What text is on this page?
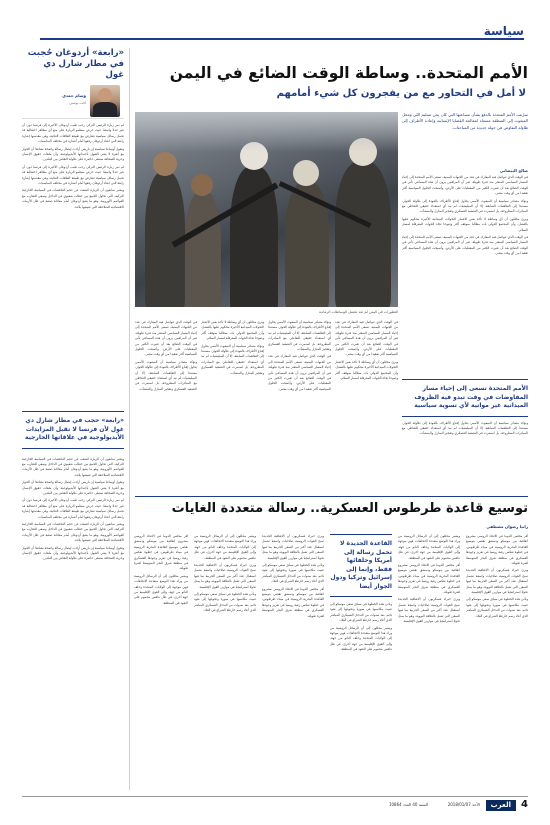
سياسة
«رابعة» أردوغان حُجبت في مطار شارل دي غول
وسام حمدي
كاتب تونسي

لم تمر زيارة الرئيس التركي رجب طيب أردوغان الأخيرة إلى فرنسا دون أن تثير جدلا واسعا، حيث حرص منظمو الزيارة على منع أي مظاهر احتفالية قد تحمل رسائل سياسية تتعارض مع طبيعة العلاقات الثنائية، وفي مقدمتها إشارة رابعة التي اعتاد أردوغان رفعها أمام أنصاره في مختلف المناسبات.

وتقول أوساط سياسية إن باريس أرادت إيصال رسالة واضحة مفادها أن الحوار مع أنقرة لا يعني القبول بأجنداتها الأيديولوجية، وأن ملفات حقوق الإنسان وحرية الصحافة ستبقى حاضرة على طاولة النقاش بين البلدين.

لم تمر زيارة الرئيس التركي رجب طيب أردوغان الأخيرة إلى فرنسا دون أن تثير جدلا واسعا، حيث حرص منظمو الزيارة على منع أي مظاهر احتفالية قد تحمل رسائل سياسية تتعارض مع طبيعة العلاقات الثنائية، وفي مقدمتها إشارة رابعة التي اعتاد أردوغان رفعها أمام أنصاره في مختلف المناسبات.

ويعتبر متابعون أن الزيارة كشفت عن حجم التناقضات في السياسة الخارجية التركية، التي تحاول الجمع بين خطاب شعبوي في الداخل وسعي للتقارب مع العواصم الأوروبية، وهو ما يضع أردوغان أمام معادلة صعبة في ظل الأزمات الاقتصادية المتلاحقة التي تعيشها بلاده.

«رابعة» حجب في مطار شارل دي غول لأن فرنسا لا تقبل المزايدات الأيديولوجية في علاقاتها الخارجية

ويعتبر متابعون أن الزيارة كشفت عن حجم التناقضات في السياسة الخارجية التركية، التي تحاول الجمع بين خطاب شعبوي في الداخل وسعي للتقارب مع العواصم الأوروبية، وهو ما يضع أردوغان أمام معادلة صعبة في ظل الأزمات الاقتصادية المتلاحقة التي تعيشها بلاده.

وتقول أوساط سياسية إن باريس أرادت إيصال رسالة واضحة مفادها أن الحوار مع أنقرة لا يعني القبول بأجنداتها الأيديولوجية، وأن ملفات حقوق الإنسان وحرية الصحافة ستبقى حاضرة على طاولة النقاش بين البلدين.

لم تمر زيارة الرئيس التركي رجب طيب أردوغان الأخيرة إلى فرنسا دون أن تثير جدلا واسعا، حيث حرص منظمو الزيارة على منع أي مظاهر احتفالية قد تحمل رسائل سياسية تتعارض مع طبيعة العلاقات الثنائية، وفي مقدمتها إشارة رابعة التي اعتاد أردوغان رفعها أمام أنصاره في مختلف المناسبات.

ويعتبر متابعون أن الزيارة كشفت عن حجم التناقضات في السياسة الخارجية التركية، التي تحاول الجمع بين خطاب شعبوي في الداخل وسعي للتقارب مع العواصم الأوروبية، وهو ما يضع أردوغان أمام معادلة صعبة في ظل الأزمات الاقتصادية المتلاحقة التي تعيشها بلاده.

وتقول أوساط سياسية إن باريس أرادت إيصال رسالة واضحة مفادها أن الحوار مع أنقرة لا يعني القبول بأجنداتها الأيديولوجية، وأن ملفات حقوق الإنسان وحرية الصحافة ستبقى حاضرة على طاولة النقاش بين البلدين.

الأمم المتحدة.. وساطة الوقت الضائع في اليمن
لا أمل في التحاور مع من يفجرون كل شيء أمامهم

سرّعت الأمم المتحدة بالدفع بشأن مساعيها التي كان يحن تسليم اللي ومحل المبعوث إلى المنطقة مسعاه لمعالجة القضايا الإنسانية وإعادة الأطراف إلى طاولة التفاوض في جولة جديدة من المباحثات.

صالح البيضاني

في الوقت الذي تتواصل فيه المعارك في عدد من الجبهات اليمنية، تسعى الأمم المتحدة إلى إحياء المسار السياسي المتعثر منذ فترة طويلة، غير أن المراقبين يرون أن هذه المساعي تأتي في الوقت الضائع بعد أن تغيرت الكثير من المعطيات على الأرض، وأصبحت الحلول السياسية أكثر تعقيدا من أي وقت مضى.

وتؤكد مصادر سياسية أن المبعوث الأممي يحاول إقناع الأطراف بالعودة إلى طاولة الحوار، مستندا إلى التفاهمات السابقة، إلا أن الميليشيات لم تبد أي استعداد حقيقي للتعاطي مع المبادرات المطروحة، بل استمرت في التصعيد العسكري وتفجير المنازل والمنشآت.

ويرى محللون أن أي وساطة لا تأخذ بعين الاعتبار التحولات الميدانية الأخيرة محكوم عليها بالفشل، وأن المجتمع الدولي بات مطالبا بموقف أكثر وضوحا تجاه الجهات المعرقلة لمسار السلام.

في الوقت الذي تتواصل فيه المعارك في عدد من الجبهات اليمنية، تسعى الأمم المتحدة إلى إحياء المسار السياسي المتعثر منذ فترة طويلة، غير أن المراقبين يرون أن هذه المساعي تأتي في الوقت الضائع بعد أن تغيرت الكثير من المعطيات على الأرض، وأصبحت الحلول السياسية أكثر تعقيدا من أي وقت مضى.

الأمم المتحدة تسعى إلى إحياء مسار المفاوضات في وقت تبدو فيه الظروف الميدانية غير مواتية لأي تسوية سياسية

وتؤكد مصادر سياسية أن المبعوث الأممي يحاول إقناع الأطراف بالعودة إلى طاولة الحوار، مستندا إلى التفاهمات السابقة، إلا أن الميليشيات لم تبد أي استعداد حقيقي للتعاطي مع المبادرات المطروحة، بل استمرت في التصعيد العسكري وتفجير المنازل والمنشآت.

التطورات في اليمن لم تعد تحتمل الوساطات الرمادية

في الوقت الذي تتواصل فيه المعارك في عدد من الجبهات اليمنية، تسعى الأمم المتحدة إلى إحياء المسار السياسي المتعثر منذ فترة طويلة، غير أن المراقبين يرون أن هذه المساعي تأتي في الوقت الضائع بعد أن تغيرت الكثير من المعطيات على الأرض، وأصبحت الحلول السياسية أكثر تعقيدا من أي وقت مضى.

ويرى محللون أن أي وساطة لا تأخذ بعين الاعتبار التحولات الميدانية الأخيرة محكوم عليها بالفشل، وأن المجتمع الدولي بات مطالبا بموقف أكثر وضوحا تجاه الجهات المعرقلة لمسار السلام.

وتؤكد مصادر سياسية أن المبعوث الأممي يحاول إقناع الأطراف بالعودة إلى طاولة الحوار، مستندا إلى التفاهمات السابقة، إلا أن الميليشيات لم تبد أي استعداد حقيقي للتعاطي مع المبادرات المطروحة، بل استمرت في التصعيد العسكري وتفجير المنازل والمنشآت.

في الوقت الذي تتواصل فيه المعارك في عدد من الجبهات اليمنية، تسعى الأمم المتحدة إلى إحياء المسار السياسي المتعثر منذ فترة طويلة، غير أن المراقبين يرون أن هذه المساعي تأتي في الوقت الضائع بعد أن تغيرت الكثير من المعطيات على الأرض، وأصبحت الحلول السياسية أكثر تعقيدا من أي وقت مضى.

ويرى محللون أن أي وساطة لا تأخذ بعين الاعتبار التحولات الميدانية الأخيرة محكوم عليها بالفشل، وأن المجتمع الدولي بات مطالبا بموقف أكثر وضوحا تجاه الجهات المعرقلة لمسار السلام.

وتؤكد مصادر سياسية أن المبعوث الأممي يحاول إقناع الأطراف بالعودة إلى طاولة الحوار، مستندا إلى التفاهمات السابقة، إلا أن الميليشيات لم تبد أي استعداد حقيقي للتعاطي مع المبادرات المطروحة، بل استمرت في التصعيد العسكري وتفجير المنازل والمنشآت.

في الوقت الذي تتواصل فيه المعارك في عدد من الجبهات اليمنية، تسعى الأمم المتحدة إلى إحياء المسار السياسي المتعثر منذ فترة طويلة، غير أن المراقبين يرون أن هذه المساعي تأتي في الوقت الضائع بعد أن تغيرت الكثير من المعطيات على الأرض، وأصبحت الحلول السياسية أكثر تعقيدا من أي وقت مضى.

وتؤكد مصادر سياسية أن المبعوث الأممي يحاول إقناع الأطراف بالعودة إلى طاولة الحوار، مستندا إلى التفاهمات السابقة، إلا أن الميليشيات لم تبد أي استعداد حقيقي للتعاطي مع المبادرات المطروحة، بل استمرت في التصعيد العسكري وتفجير المنازل والمنشآت.

توسيع قاعدة طرطوس العسكرية.. رسالة متعددة الغايات
رانيا رضوان مصطفى

أقر مجلس الدوما في الاتحاد الروسي مشروع اتفاقية بين موسكو ودمشق تقضي بتوسيع القاعدة البحرية الروسية في ميناء طرطوس، في خطوة تعكس رغبة روسيا في تعزيز وجودها العسكري في منطقة شرق البحر المتوسط لفترة طويلة.

ويرى خبراء عسكريون أن الاتفاقية الجديدة تمنح القوات الروسية صلاحيات واسعة تشمل استقبال عدد أكبر من السفن الحربية بما فيها السفن التي تعمل بالطاقة النووية، وهو ما يمثل تحولا استراتيجيا في موازين القوى الإقليمية.

وتأتي هذه الخطوة في سياق سعي موسكو إلى تثبيت مكاسبها في سوريا وتحويلها إلى نفوذ دائم، بعد سنوات من التدخل العسكري المباشر الذي أعاد رسم خارطة الصراع في البلاد.

ويشير محللون إلى أن الرسائل الروسية من وراء هذا التوسع متعددة الاتجاهات، فهي موجهة إلى الولايات المتحدة وحلف الناتو من جهة، وإلى القوى الإقليمية من جهة أخرى، في ظل تنافس محموم على النفوذ في المنطقة.

أقر مجلس الدوما في الاتحاد الروسي مشروع اتفاقية بين موسكو ودمشق تقضي بتوسيع القاعدة البحرية الروسية في ميناء طرطوس، في خطوة تعكس رغبة روسيا في تعزيز وجودها العسكري في منطقة شرق البحر المتوسط لفترة طويلة.

ويرى خبراء عسكريون أن الاتفاقية الجديدة تمنح القوات الروسية صلاحيات واسعة تشمل استقبال عدد أكبر من السفن الحربية بما فيها السفن التي تعمل بالطاقة النووية، وهو ما يمثل تحولا استراتيجيا في موازين القوى الإقليمية.

القاعدة الجديدة لا تحمل رسالة إلى أمريكا وحلفائها فقط، وإنما إلى إسرائيل وتركيا ودول الجوار أيضا

وتأتي هذه الخطوة في سياق سعي موسكو إلى تثبيت مكاسبها في سوريا وتحويلها إلى نفوذ دائم، بعد سنوات من التدخل العسكري المباشر الذي أعاد رسم خارطة الصراع في البلاد.

ويشير محللون إلى أن الرسائل الروسية من وراء هذا التوسع متعددة الاتجاهات، فهي موجهة إلى الولايات المتحدة وحلف الناتو من جهة، وإلى القوى الإقليمية من جهة أخرى، في ظل تنافس محموم على النفوذ في المنطقة.

ويرى خبراء عسكريون أن الاتفاقية الجديدة تمنح القوات الروسية صلاحيات واسعة تشمل استقبال عدد أكبر من السفن الحربية بما فيها السفن التي تعمل بالطاقة النووية، وهو ما يمثل تحولا استراتيجيا في موازين القوى الإقليمية.

وتأتي هذه الخطوة في سياق سعي موسكو إلى تثبيت مكاسبها في سوريا وتحويلها إلى نفوذ دائم، بعد سنوات من التدخل العسكري المباشر الذي أعاد رسم خارطة الصراع في البلاد.

أقر مجلس الدوما في الاتحاد الروسي مشروع اتفاقية بين موسكو ودمشق تقضي بتوسيع القاعدة البحرية الروسية في ميناء طرطوس، في خطوة تعكس رغبة روسيا في تعزيز وجودها العسكري في منطقة شرق البحر المتوسط لفترة طويلة.

ويشير محللون إلى أن الرسائل الروسية من وراء هذا التوسع متعددة الاتجاهات، فهي موجهة إلى الولايات المتحدة وحلف الناتو من جهة، وإلى القوى الإقليمية من جهة أخرى، في ظل تنافس محموم على النفوذ في المنطقة.

ويرى خبراء عسكريون أن الاتفاقية الجديدة تمنح القوات الروسية صلاحيات واسعة تشمل استقبال عدد أكبر من السفن الحربية بما فيها السفن التي تعمل بالطاقة النووية، وهو ما يمثل تحولا استراتيجيا في موازين القوى الإقليمية.

وتأتي هذه الخطوة في سياق سعي موسكو إلى تثبيت مكاسبها في سوريا وتحويلها إلى نفوذ دائم، بعد سنوات من التدخل العسكري المباشر الذي أعاد رسم خارطة الصراع في البلاد.

أقر مجلس الدوما في الاتحاد الروسي مشروع اتفاقية بين موسكو ودمشق تقضي بتوسيع القاعدة البحرية الروسية في ميناء طرطوس، في خطوة تعكس رغبة روسيا في تعزيز وجودها العسكري في منطقة شرق البحر المتوسط لفترة طويلة.

ويشير محللون إلى أن الرسائل الروسية من وراء هذا التوسع متعددة الاتجاهات، فهي موجهة إلى الولايات المتحدة وحلف الناتو من جهة، وإلى القوى الإقليمية من جهة أخرى، في ظل تنافس محموم على النفوذ في المنطقة.

4
العرب
الأحد 2018/01/07
السنة 40 العدد 10864
